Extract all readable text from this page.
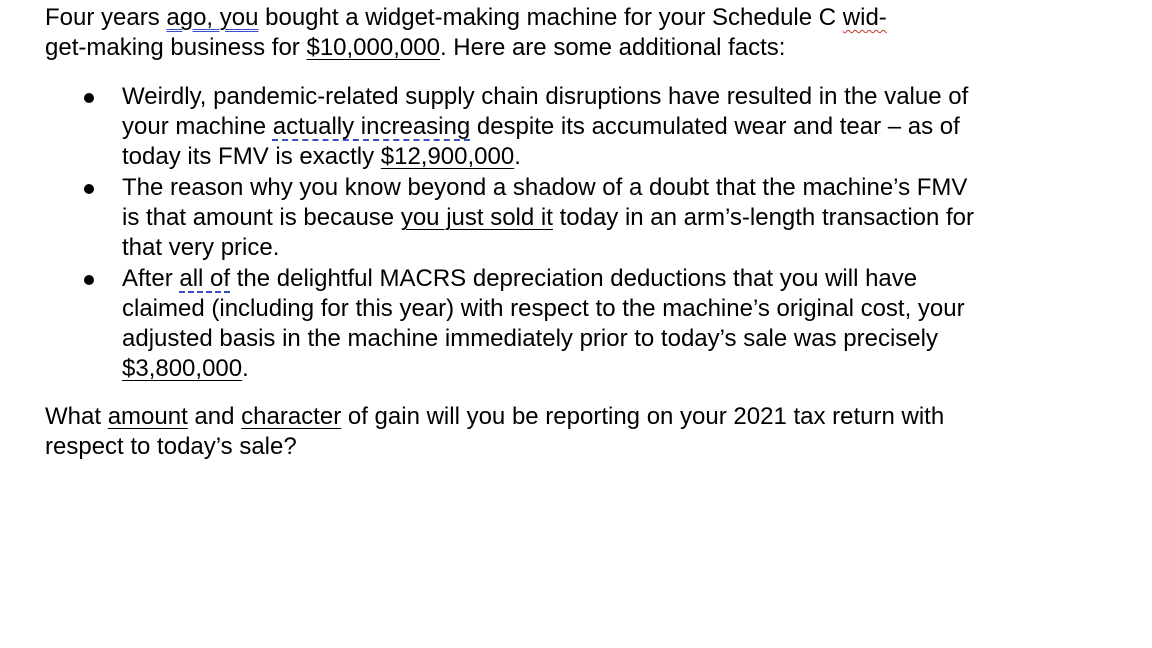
Four years ago, you bought a widget-making machine for your Schedule C wid-
get-making business for $10,000,000. Here are some additional facts:

Weirdly, pandemic-related supply chain disruptions have resulted in the value of your machine actually increasing despite its accumulated wear and tear – as of today its FMV is exactly $12,900,000.
The reason why you know beyond a shadow of a doubt that the machine’s FMV is that amount is because you just sold it today in an arm’s-length transaction for that very price.
After all of the delightful MACRS depreciation deductions that you will have claimed (including for this year) with respect to the machine’s original cost, your adjusted basis in the machine immediately prior to today’s sale was precisely $3,800,000.

What amount and character of gain will you be reporting on your 2021 tax return with respect to today’s sale?
